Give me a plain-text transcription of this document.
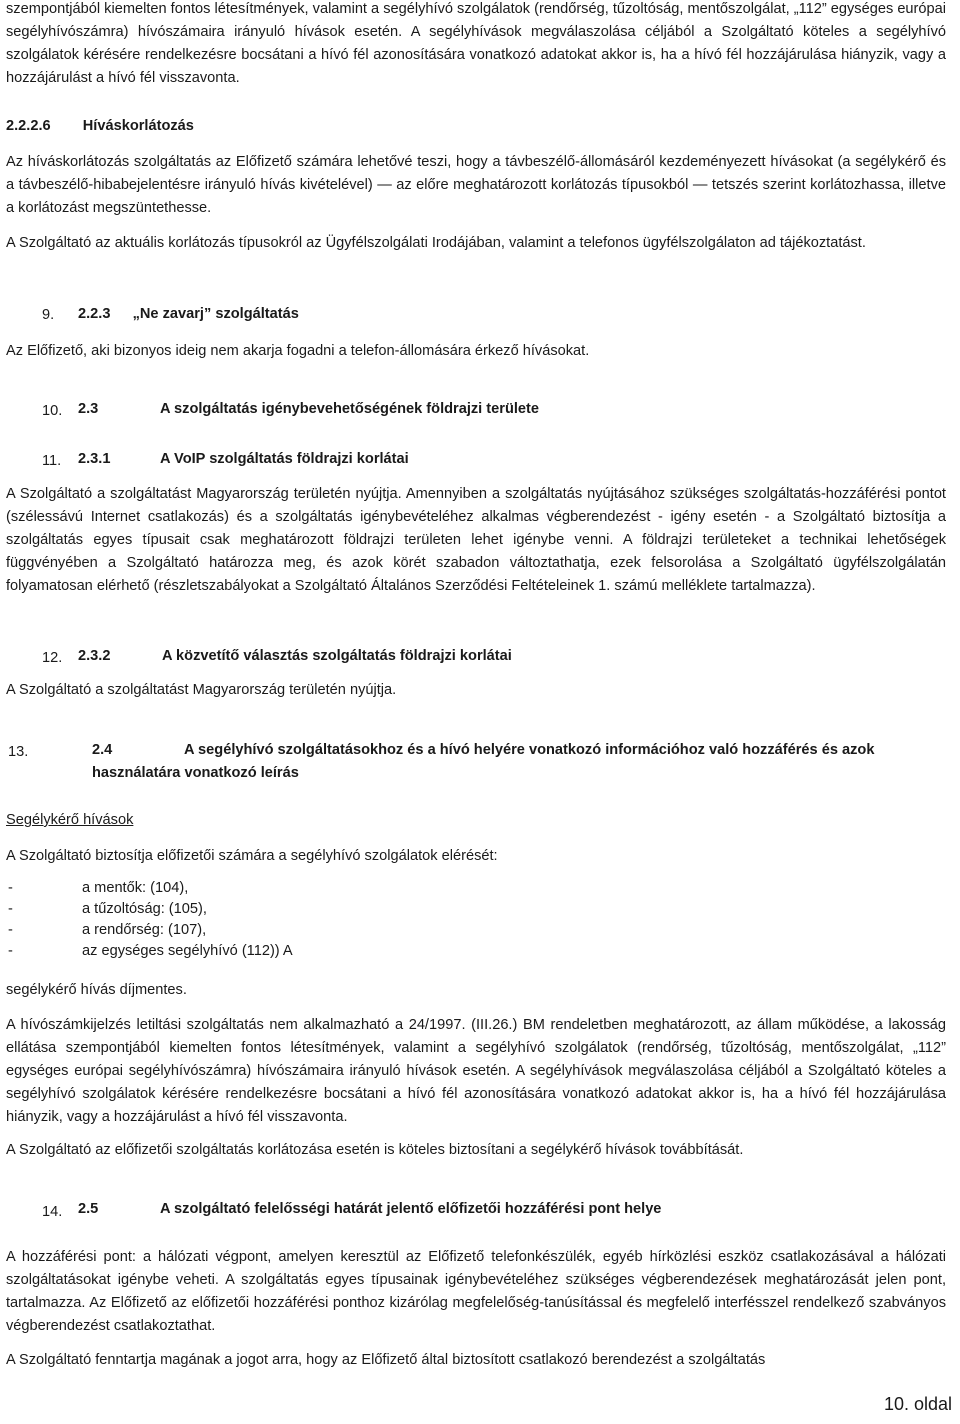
szempontjából kiemelten fontos létesítmények, valamint a segélyhívó szolgálatok (rendőrség, tűzoltóság, mentőszolgálat, „112” egységes európai segélyhívószámra) hívószámaira irányuló hívások esetén. A segélyhívások megválaszolása céljából a Szolgáltató köteles a segélyhívó szolgálatok kérésére rendelkezésre bocsátani a hívó fél azonosítására vonatkozó adatokat akkor is, ha a hívó fél hozzájárulása hiányzik, vagy a hozzájárulást a hívó fél visszavonta.

2.2.2.6 Híváskorlátozás

Az híváskorlátozás szolgáltatás az Előfizető számára lehetővé teszi, hogy a távbeszélő-állomásáról kezdeményezett hívásokat (a segélykérő és a távbeszélő-hibabejelentésre irányuló hívás kivételével) — az előre meghatározott korlátozás típusokból — tetszés szerint korlátozhassa, illetve a korlátozást megszüntethesse.

A Szolgáltató az aktuális korlátozás típusokról az Ügyfélszolgálati Irodájában, valamint a telefonos ügyfélszolgálaton ad tájékoztatást.

9. 2.2.3 „Ne zavarj” szolgáltatás

Az Előfizető, aki bizonyos ideig nem akarja fogadni a telefon-állomására érkező hívásokat.

10. 2.3	A szolgáltatás igénybevehetőségének földrajzi területe
11. 2.3.1	A VoIP szolgáltatás földrajzi korlátai

A Szolgáltató a szolgáltatást Magyarország területén nyújtja. Amennyiben a szolgáltatás nyújtásához szükséges szolgáltatás-hozzáférési pontot (szélessávú Internet csatlakozás) és a szolgáltatás igénybevételéhez alkalmas végberendezést - igény esetén - a Szolgáltató biztosítja a szolgáltatás egyes típusait csak meghatározott földrajzi területen lehet igénybe venni. A földrajzi területeket a technikai lehetőségek függvényében a Szolgáltató határozza meg, és azok körét szabadon változtathatja, ezek felsorolása a Szolgáltató ügyfélszolgálatán folyamatosan elérhető (részletszabályokat a Szolgáltató Általános Szerződési Feltételeinek 1. számú melléklete tartalmazza).

12. 2.3.2	A közvetítő választás szolgáltatás földrajzi korlátai

A Szolgáltató a szolgáltatást Magyarország területén nyújtja.

13.	2.4	A segélyhívó szolgáltatásokhoz és a hívó helyére vonatkozó információhoz való hozzáférés és azok
használatára vonatkozó leírás
Segélykérő hívások

A Szolgáltató biztosítja előfizetői számára a segélyhívó szolgálatok elérését:

- a mentők: (104),
- a tűzoltóság: (105),
- a rendőrség: (107),
- az egységes segélyhívó (112)) A

segélykérő hívás díjmentes.

A hívószámkijelzés letiltási szolgáltatás nem alkalmazható a 24/1997. (III.26.) BM rendeletben meghatározott, az állam működése, a lakosság ellátása szempontjából kiemelten fontos létesítmények, valamint a segélyhívó szolgálatok (rendőrség, tűzoltóság, mentőszolgálat, „112” egységes európai segélyhívószámra) hívószámaira irányuló hívások esetén. A segélyhívások megválaszolása céljából a Szolgáltató köteles a segélyhívó szolgálatok kérésére rendelkezésre bocsátani a hívó fél azonosítására vonatkozó adatokat akkor is, ha a hívó fél hozzájárulása hiányzik, vagy a hozzájárulást a hívó fél visszavonta.

A Szolgáltató az előfizetői szolgáltatás korlátozása esetén is köteles biztosítani a segélykérő hívások továbbítását.

14. 2.5	A szolgáltató felelősségi határát jelentő előfizetői hozzáférési pont helye

A hozzáférési pont: a hálózati végpont, amelyen keresztül az Előfizető telefonkészülék, egyéb hírközlési eszköz csatlakozásával a hálózati szolgáltatásokat igénybe veheti. A szolgáltatás egyes típusainak igénybevételéhez szükséges végberendezések meghatározását jelen pont, tartalmazza. Az Előfizető az előfizetői hozzáférési ponthoz kizárólag megfelelőség-tanúsítással és megfelelő interfésszel rendelkező szabványos végberendezést csatlakoztathat.

A Szolgáltató fenntartja magának a jogot arra, hogy az Előfizető által biztosított csatlakozó berendezést a szolgáltatás

10. oldal
